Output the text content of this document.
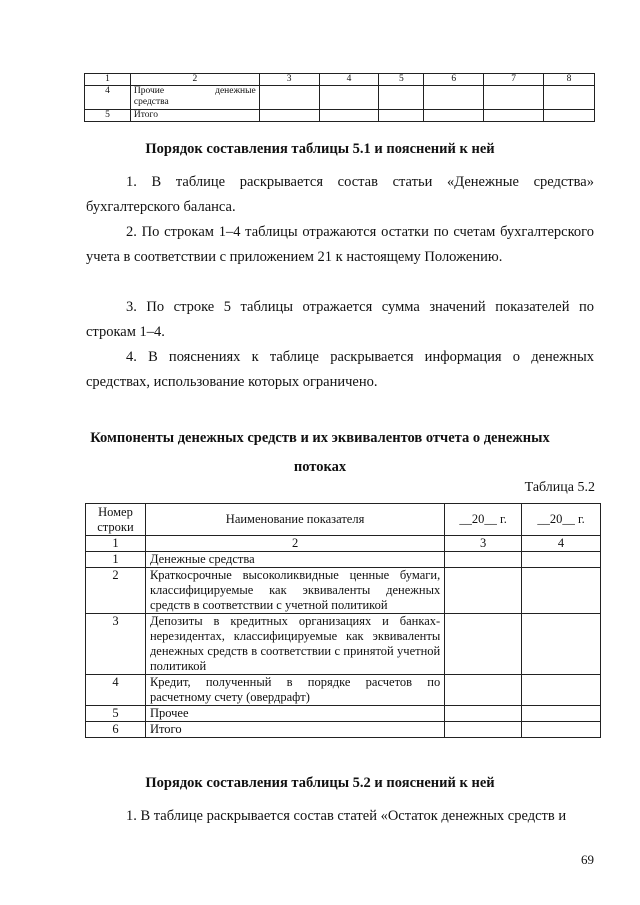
1	2	3	4	5	6	7	8
4	Прочие денежные
средства						

5	Итого						
Порядок составления таблицы 5.1 и пояснений к ней
1. В таблице раскрывается состав статьи «Денежные средства» бухгалтерского баланса.
2. По строкам 1–4 таблицы отражаются остатки по счетам бухгалтерского учета в соответствии с приложением 21 к настоящему Положению.
3. По строке 5 таблицы отражается сумма значений показателей по строкам 1–4.
4. В пояснениях к таблице раскрывается информация о денежных средствах, использование которых ограничено.
Компоненты денежных средств и их эквивалентов отчета о денежных
потоках
Таблица 5.2
Номер строки	Наименование показателя	__20__ г.	__20__ г.
1	2	3	4
1	Денежные средства		
2	Краткосрочные высоколиквидные ценные бумаги, классифицируемые как эквиваленты денежных средств в соответствии с учетной политикой		
3	Депозиты в кредитных организациях и банках-нерезидентах, классифицируемые как эквиваленты денежных средств в соответствии с принятой учетной политикой		
4	Кредит, полученный в порядке расчетов по расчетному счету (овердрафт)		
5	Прочее		
6	Итого		
Порядок составления таблицы 5.2 и пояснений к ней
1. В таблице раскрывается состав статей «Остаток денежных средств и
69
